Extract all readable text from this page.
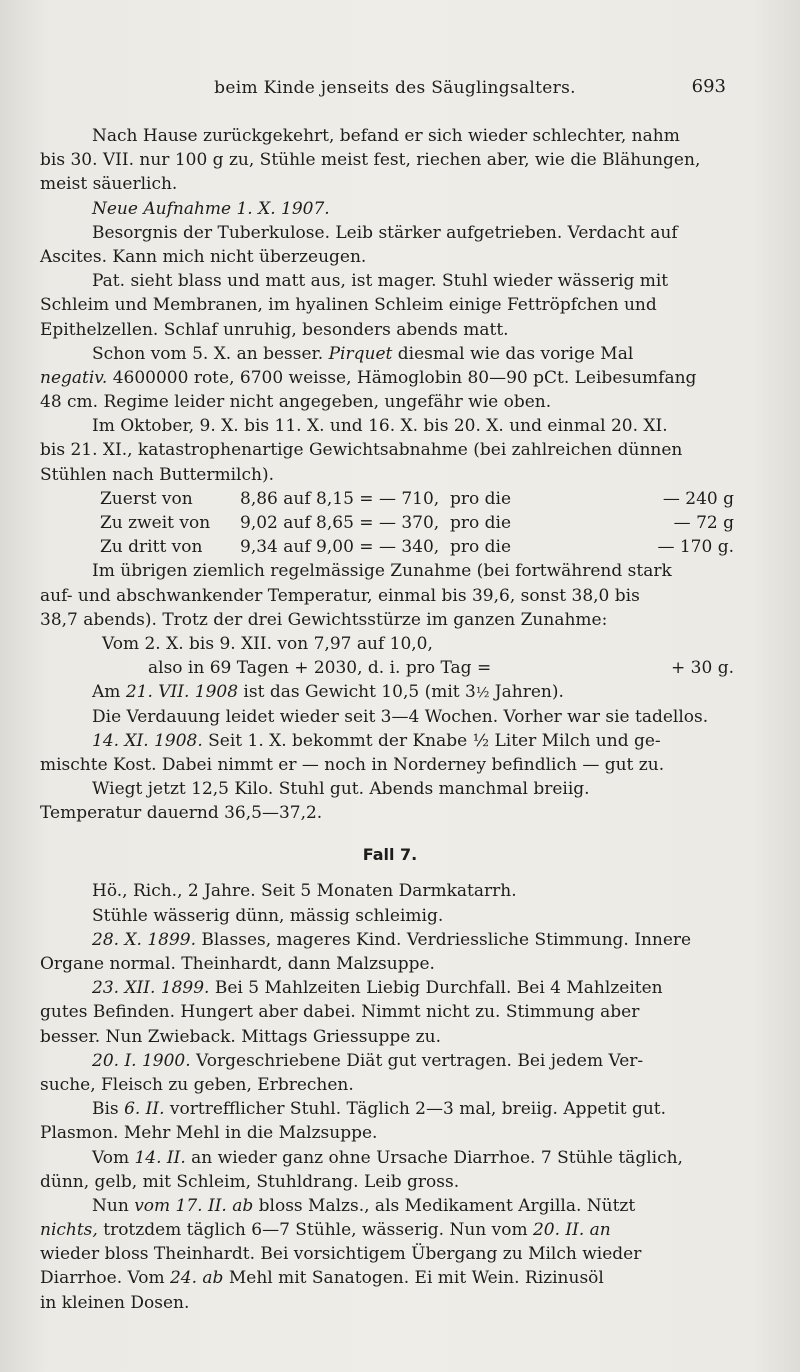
beim Kinde jenseits des Säuglingsalters.	693
Nach Hause zurückgekehrt, befand er sich wieder schlechter, nahm
bis 30. VII. nur 100 g zu, Stühle meist fest, riechen aber, wie die Blähungen,
meist säuerlich.
Neue Aufnahme 1. X. 1907.
Besorgnis der Tuberkulose. Leib stärker aufgetrieben. Verdacht auf
Ascites. Kann mich nicht überzeugen.
Pat. sieht blass und matt aus, ist mager. Stuhl wieder wässerig mit
Schleim und Membranen, im hyalinen Schleim einige Fettröpfchen und
Epithelzellen. Schlaf unruhig, besonders abends matt.
Schon vom 5. X. an besser. Pirquet diesmal wie das vorige Mal
negativ. 4600000 rote, 6700 weisse, Hämoglobin 80—90 pCt. Leibesumfang
48 cm. Regime leider nicht angegeben, ungefähr wie oben.
Im Oktober, 9. X. bis 11. X. und 16. X. bis 20. X. und einmal 20. XI.
bis 21. XI., katastrophenartige Gewichtsabnahme (bei zahlreichen dünnen
Stühlen nach Buttermilch).
Zuerst von	8,86 auf 8,15 = — 710, pro die	— 240 g
Zu zweit von	9,02 auf 8,65 = — 370, pro die	— 72 g
Zu dritt von	9,34 auf 9,00 = — 340, pro die	— 170 g.
Im übrigen ziemlich regelmässige Zunahme (bei fortwährend stark
auf- und abschwankender Temperatur, einmal bis 39,6, sonst 38,0 bis
38,7 abends). Trotz der drei Gewichtsstürze im ganzen Zunahme:
Vom 2. X. bis 9. XII. von 7,97 auf 10,0,
also in 69 Tagen + 2030, d. i. pro Tag =	+ 30 g.
Am 21. VII. 1908 ist das Gewicht 10,5 (mit 3½ Jahren).
Die Verdauung leidet wieder seit 3—4 Wochen. Vorher war sie tadellos.
14. XI. 1908. Seit 1. X. bekommt der Knabe ½ Liter Milch und ge-
mischte Kost. Dabei nimmt er — noch in Norderney befindlich — gut zu.
Wiegt jetzt 12,5 Kilo. Stuhl gut. Abends manchmal breiig.
Temperatur dauernd 36,5—37,2.
Fall 7.
Hö., Rich., 2 Jahre. Seit 5 Monaten Darmkatarrh.
Stühle wässerig dünn, mässig schleimig.
28. X. 1899. Blasses, mageres Kind. Verdriessliche Stimmung. Innere
Organe normal. Theinhardt, dann Malzsuppe.
23. XII. 1899. Bei 5 Mahlzeiten Liebig Durchfall. Bei 4 Mahlzeiten
gutes Befinden. Hungert aber dabei. Nimmt nicht zu. Stimmung aber
besser. Nun Zwieback. Mittags Griessuppe zu.
20. I. 1900. Vorgeschriebene Diät gut vertragen. Bei jedem Ver-
suche, Fleisch zu geben, Erbrechen.
Bis 6. II. vortrefflicher Stuhl. Täglich 2—3 mal, breiig. Appetit gut.
Plasmon. Mehr Mehl in die Malzsuppe.
Vom 14. II. an wieder ganz ohne Ursache Diarrhoe. 7 Stühle täglich,
dünn, gelb, mit Schleim, Stuhldrang. Leib gross.
Nun vom 17. II. ab bloss Malzs., als Medikament Argilla. Nützt
nichts, trotzdem täglich 6—7 Stühle, wässerig. Nun vom 20. II. an
wieder bloss Theinhardt. Bei vorsichtigem Übergang zu Milch wieder
Diarrhoe. Vom 24. ab Mehl mit Sanatogen. Ei mit Wein. Rizinusöl
in kleinen Dosen.
